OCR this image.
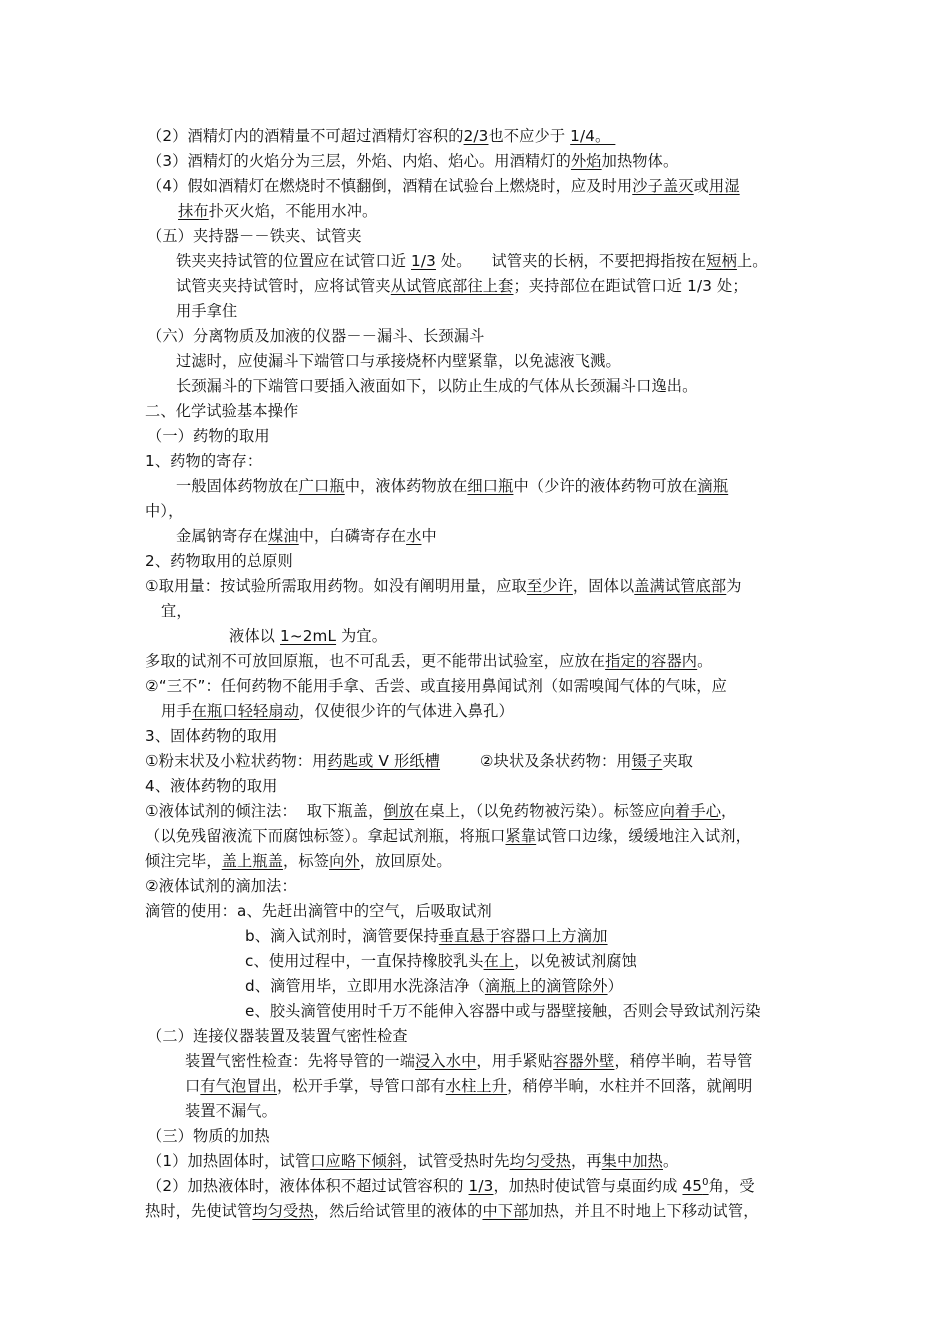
（2）酒精灯内的酒精量不可超过酒精灯容积的2/3也不应少于 1/4。
（3）酒精灯的火焰分为三层，外焰、内焰、焰心。用酒精灯的外焰加热物体。
（4）假如酒精灯在燃烧时不慎翻倒，酒精在试验台上燃烧时，应及时用沙子盖灭或用湿
抹布扑灭火焰，不能用水冲。
（五）夹持器－－铁夹、试管夹
铁夹夹持试管的位置应在试管口近 1/3 处。    试管夹的长柄，不要把拇指按在短柄上。
试管夹夹持试管时，应将试管夹从试管底部往上套；夹持部位在距试管口近 1/3 处；
用手拿住
（六）分离物质及加液的仪器－－漏斗、长颈漏斗
过滤时，应使漏斗下端管口与承接烧杯内壁紧靠，以免滤液飞溅。
长颈漏斗的下端管口要插入液面如下，以防止生成的气体从长颈漏斗口逸出。
二、化学试验基本操作
（一）药物的取用
1、药物的寄存：
一般固体药物放在广口瓶中，液体药物放在细口瓶中（少许的液体药物可放在滴瓶
中），
金属钠寄存在煤油中，白磷寄存在水中
2、药物取用的总原则
①取用量：按试验所需取用药物。如没有阐明用量，应取至少许，固体以盖满试管底部为
宜，
液体以 1~2mL 为宜。
多取的试剂不可放回原瓶，也不可乱丢，更不能带出试验室，应放在指定的容器内。
②“三不”：任何药物不能用手拿、舌尝、或直接用鼻闻试剂（如需嗅闻气体的气味，应
用手在瓶口轻轻扇动，仅使很少许的气体进入鼻孔）
3、固体药物的取用
①粉末状及小粒状药物：用药匙或 V 形纸槽        ②块状及条状药物：用镊子夹取
4、液体药物的取用
①液体试剂的倾注法：  取下瓶盖，倒放在桌上，（以免药物被污染）。标签应向着手心，
（以免残留液流下而腐蚀标签）。拿起试剂瓶，将瓶口紧靠试管口边缘，缓缓地注入试剂，
倾注完毕，盖上瓶盖，标签向外，放回原处。
②液体试剂的滴加法：
滴管的使用：a、先赶出滴管中的空气，后吸取试剂
b、滴入试剂时，滴管要保持垂直悬于容器口上方滴加
c、使用过程中，一直保持橡胶乳头在上，以免被试剂腐蚀
d、滴管用毕，立即用水洗涤洁净（滴瓶上的滴管除外）
e、胶头滴管使用时千万不能伸入容器中或与器壁接触，否则会导致试剂污染
（二）连接仪器装置及装置气密性检查
装置气密性检查：先将导管的一端浸入水中，用手紧贴容器外壁，稍停半晌，若导管
口有气泡冒出，松开手掌，导管口部有水柱上升，稍停半晌，水柱并不回落，就阐明
装置不漏气。
（三）物质的加热
（1）加热固体时，试管口应略下倾斜，试管受热时先均匀受热，再集中加热。
（2）加热液体时，液体体积不超过试管容积的 1/3，加热时使试管与桌面约成 $45^0$角，受
热时，先使试管均匀受热，然后给试管里的液体的中下部加热，并且不时地上下移动试管，
